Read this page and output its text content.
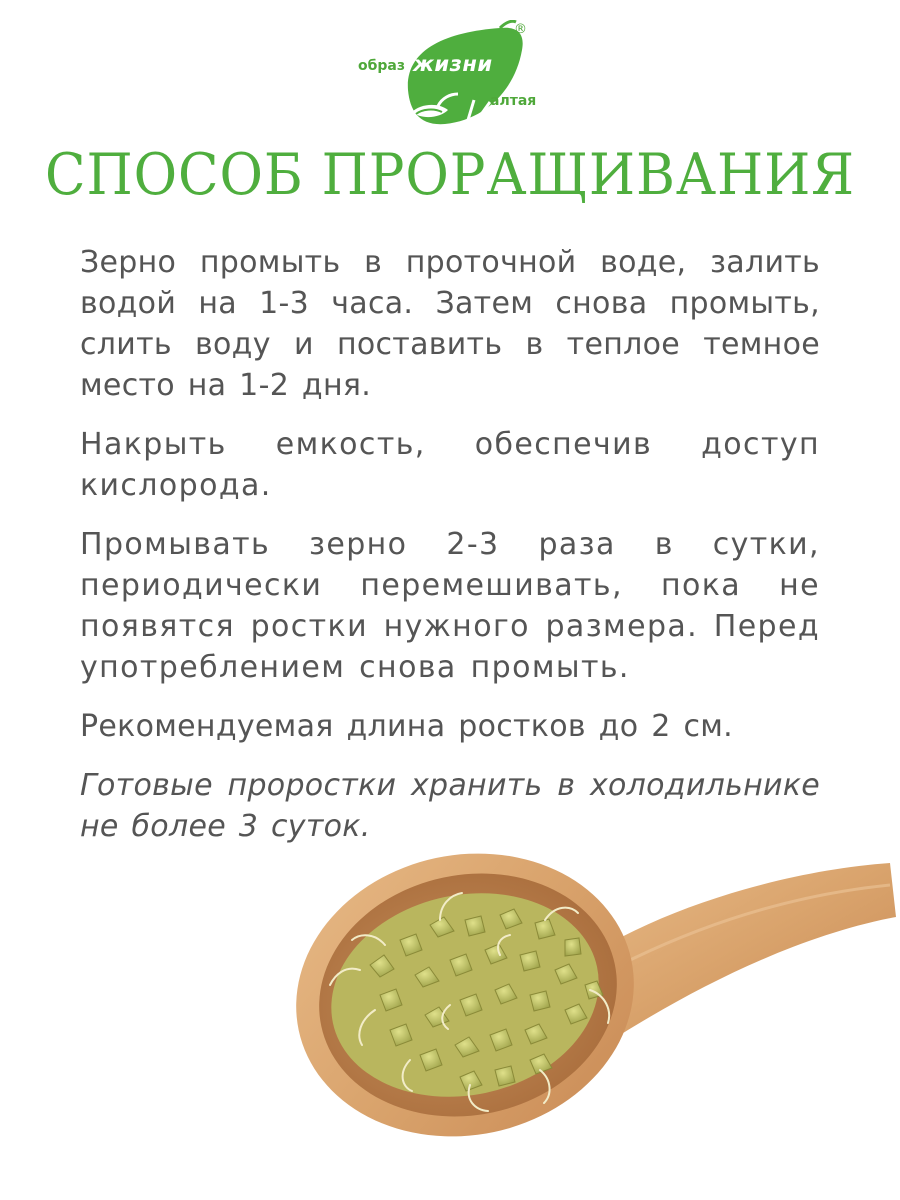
образ жизни
алтая
®
СПОСОБ ПРОРАЩИВАНИЯ

Зерно промыть в проточной воде, залить водой на 1-3 часа. Затем снова промыть, слить воду и поставить в теплое темное место на 1-2 дня.

Накрыть емкость, обеспечив доступ кислорода.

Промывать зерно 2-3 раза в сутки, периодически перемешивать, пока не появятся ростки нужного размера. Перед употреблением снова промыть.

Рекомендуемая длина ростков до 2 см.

Готовые проростки хранить в холодильнике не более 3 суток.
